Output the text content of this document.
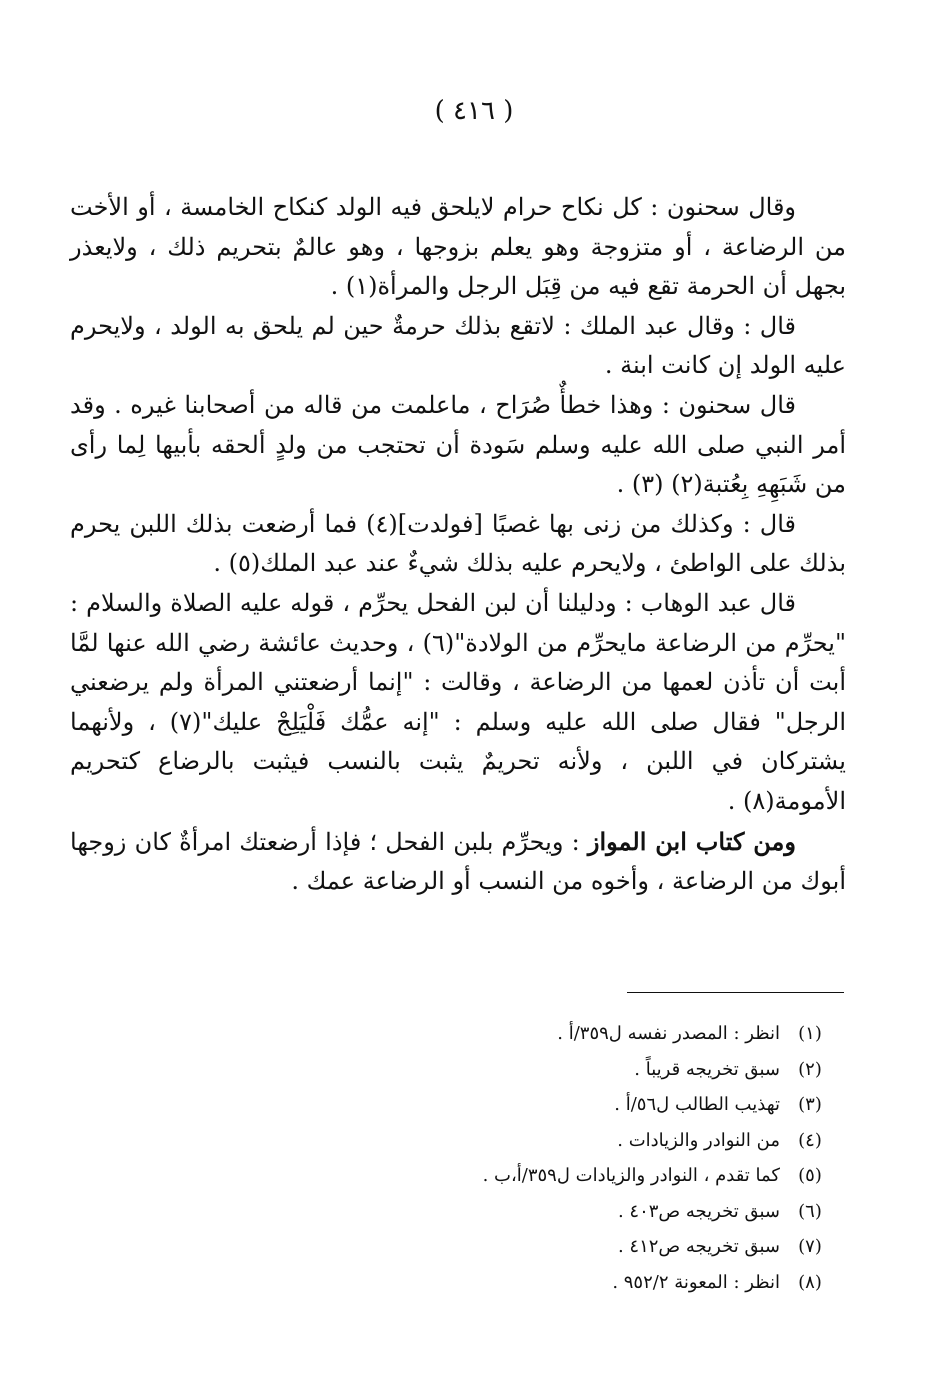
( ٤١٦ )

وقال سحنون : كل نكاح حرام لايلحق فيه الولد كنكاح الخامسة ، أو الأخت من الرضاعة ، أو متزوجة وهو يعلم بزوجها ، وهو عالمٌ بتحريم ذلك ، ولايعذر بجهل أن الحرمة تقع فيه من قِبَل الرجل والمرأة(١) .

قال : وقال عبد الملك : لاتقع بذلك حرمةٌ حين لم يلحق به الولد ، ولايحرم عليه الولد إن كانت ابنة .

قال سحنون : وهذا خطأٌ صُرَاح ، ماعلمت من قاله من أصحابنا غيره . وقد أمر النبي صلى الله عليه وسلم سَودة أن تحتجب من ولدٍ ألحقه بأبيها لِما رأى من شَبَهِهِ بِعُتبة(٢) (٣) .

قال : وكذلك من زنى بها غصبًا [فولدت](٤) فما أرضعت بذلك اللبن يحرم بذلك على الواطئ ، ولايحرم عليه بذلك شيءٌ عند عبد الملك(٥) .

قال عبد الوهاب : ودليلنا أن لبن الفحل يحرِّم ، قوله عليه الصلاة والسلام : "يحرِّم من الرضاعة مايحرِّم من الولادة"(٦) ، وحديث عائشة رضي الله عنها لمَّا أبت أن تأذن لعمها من الرضاعة ، وقالت : "إنما أرضعتني المرأة ولم يرضعني الرجل" فقال صلى الله عليه وسلم : "إنه عمُّك فَلْيَلِجْ عليك"(٧) ، ولأنهما يشتركان في اللبن ، ولأنه تحريمٌ يثبت بالنسب فيثبت بالرضاع كتحريم الأمومة(٨) .

ومن كتاب ابن المواز : ويحرِّم بلبن الفحل ؛ فإذا أرضعتك امرأةٌ كان زوجها أبوك من الرضاعة ، وأخوه من النسب أو الرضاعة عمك .

(١)
انظر : المصدر نفسه ل٣٥٩/أ .
(٢)
سبق تخريجه قريباً .
(٣)
تهذيب الطالب ل٥٦/أ .
(٤)
من النوادر والزيادات .
(٥)
كما تقدم ، النوادر والزيادات ل٣٥٩/أ،ب .
(٦)
سبق تخريجه ص٤٠٣ .
(٧)
سبق تخريجه ص٤١٢ .
(٨)
انظر : المعونة ٩٥٢/٢ .
